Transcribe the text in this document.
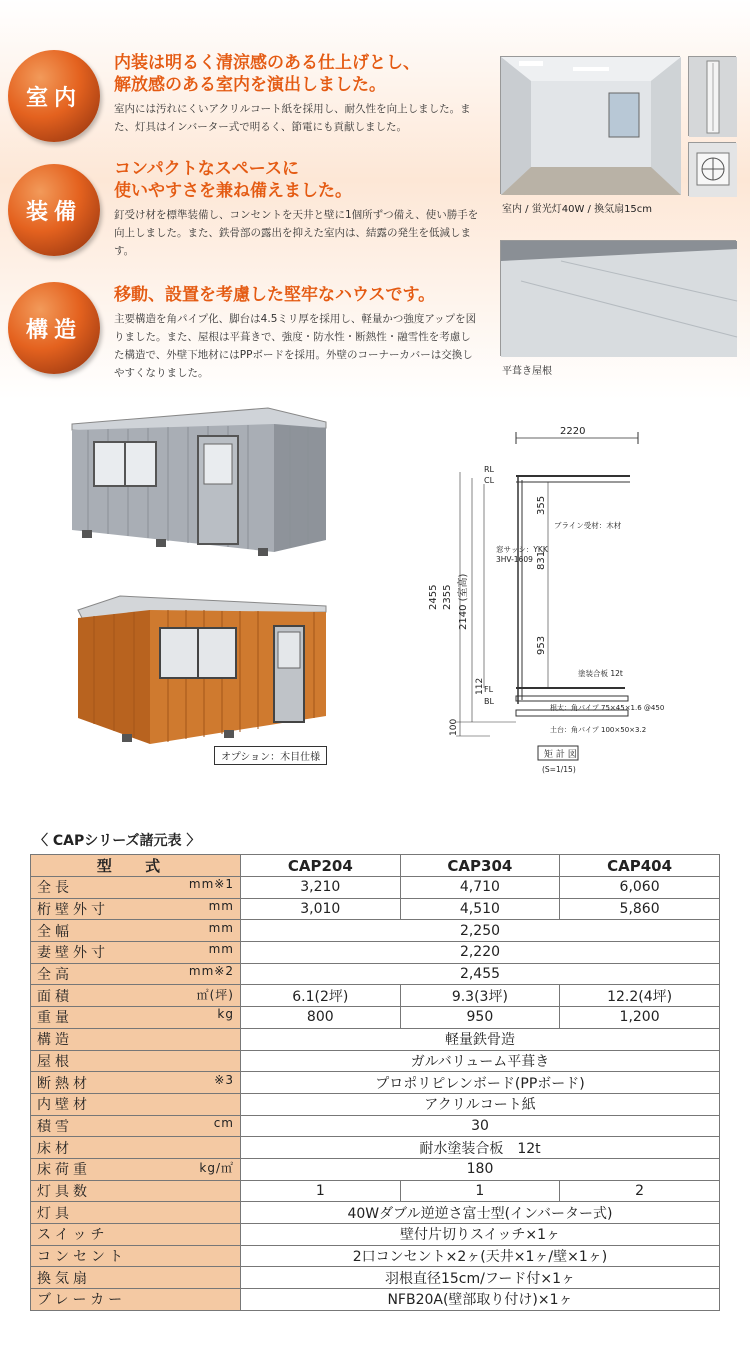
室内
内装は明るく清涼感のある仕上げとし、
解放感のある室内を演出しました。
室内には汚れにくいアクリルコート紙を採用し、耐久性を向上しました。また、灯具はインバーター式で明るく、節電にも貢献しました。
装備
コンパクトなスペースに
使いやすさを兼ね備えました。
釘受け材を標準装備し、コンセントを天井と壁に1個所ずつ備え、使い勝手を向上しました。また、鉄骨部の露出を抑えた室内は、結露の発生を低減します。
構造
移動、設置を考慮した堅牢なハウスです。
主要構造を角パイプ化、脚台は4.5ミリ厚を採用し、軽量かつ強度アップを図りました。また、屋根は平葺きで、強度・防水性・断熱性・融雪性を考慮した構造で、外壁下地材にはPPボードを採用。外壁のコーナーカバーは交換しやすくなりました。
室内 / 蛍光灯40W / 換気扇15cm
平葺き屋根
オプション：木目仕様
2220
2455 2355 2140 (室高)
355
831
953
112
100
RL
CL
FL
BL
ブライン受材：木材
窓サッシ：YKK
3HV-1609
塗装合板 12t
根太：角パイプ 75×45×1.6 @450
土台：角パイプ 100×50×3.2
矩 計 図
(S=1/15)
〈 CAPシリーズ諸元表 〉
型 式	CAP204	CAP304	CAP404

mm※1
全長	3,210	4,710	6,060

mm
桁壁外寸	3,010	4,510	5,860

mm
全幅	2,250		

mm
妻壁外寸	2,220		

mm※2
全高	2,455		

㎡(坪)
面積	6.1(2坪)	9.3(3坪)	12.2(4坪)

kg
重量	800	950	1,200

構造	軽量鉄骨造		

屋根	ガルバリューム平葺き		

※3
断熱材	プロポリピレンボード(PPボード)		

内壁材	アクリルコート紙		

cm
積雪	30		

床材	耐水塗装合板　12t		

kg/㎡
床荷重	180		

灯具数	1	1	2

灯具	40Wダブル逆逆さ富士型(インバーター式)		

スイッチ	壁付片切りスイッチ×1ヶ		

コンセント	2口コンセント×2ヶ(天井×1ヶ/壁×1ヶ)		

換気扇	羽根直径15cm/フード付×1ヶ		

ブレーカー	NFB20A(壁部取り付け)×1ヶ		
